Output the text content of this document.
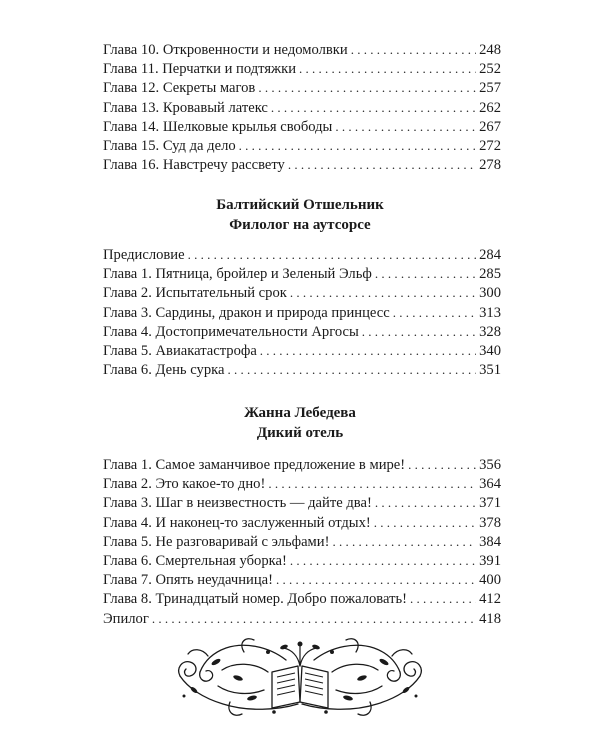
Глава 10. Откровенности и недомолвки . . .	248
Глава 11. Перчатки и подтяжки . . .	252
Глава 12. Секреты магов . . .	257
Глава 13. Кровавый латекс . . .	262
Глава 14. Шелковые крылья свободы . . .	267
Глава 15. Суд да дело . . .	272
Глава 16. Навстречу рассвету . . .	278
Балтийский Отшельник
Филолог на аутсорсе
Предисловие . . .	284
Глава 1. Пятница, бройлер и Зеленый Эльф . . .	285
Глава 2. Испытательный срок . . .	300
Глава 3. Сардины, дракон и природа принцесс . . .	313
Глава 4. Достопримечательности Аргосы . . .	328
Глава 5. Авиакатастрофа . . .	340
Глава 6. День сурка . . .	351
Жанна Лебедева
Дикий отель
Глава 1. Самое заманчивое предложение в мире! . . .	356
Глава 2. Это какое-то дно! . . .	364
Глава 3. Шаг в неизвестность — дайте два! . . .	371
Глава 4. И наконец-то заслуженный отдых! . . .	378
Глава 5. Не разговаривай с эльфами! . . .	384
Глава 6. Смертельная уборка! . . .	391
Глава 7. Опять неудачница! . . .	400
Глава 8. Тринадцатый номер. Добро пожаловать! . . .	412
Эпилог . . .	418
